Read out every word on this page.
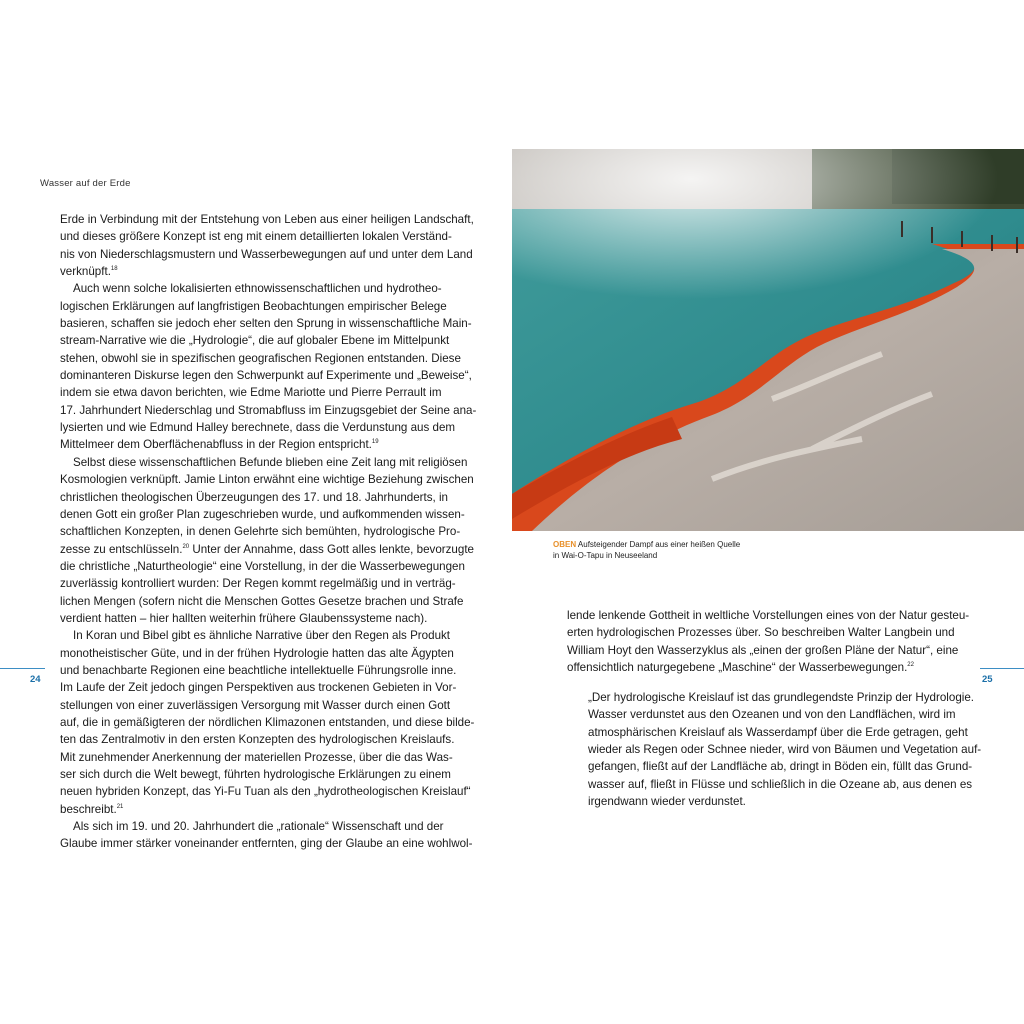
Wasser auf der Erde
24	25

Erde in Verbindung mit der Entstehung von Leben aus einer heiligen Landschaft,

und dieses größere Konzept ist eng mit einem detaillierten lokalen Verständ-

nis von Niederschlagsmustern und Wasserbewegungen auf und unter dem Land

verknüpft.$^{18}$

Auch wenn solche lokalisierten ethnowissenschaftlichen und hydrotheo-

logischen Erklärungen auf langfristigen Beobachtungen empirischer Belege

basieren, schaffen sie jedoch eher selten den Sprung in wissenschaftliche Main-

stream-Narrative wie die „Hydrologie“, die auf globaler Ebene im Mittelpunkt

stehen, obwohl sie in spezifischen geografischen Regionen entstanden. Diese

dominanteren Diskurse legen den Schwerpunkt auf Experimente und „Beweise“,

indem sie etwa davon berichten, wie Edme Mariotte und Pierre Perrault im

17. Jahrhundert Niederschlag und Stromabfluss im Einzugsgebiet der Seine ana-

lysierten und wie Edmund Halley berechnete, dass die Verdunstung aus dem

Mittelmeer dem Oberflächenabfluss in der Region entspricht.$^{19}$

Selbst diese wissenschaftlichen Befunde blieben eine Zeit lang mit religiösen

Kosmologien verknüpft. Jamie Linton erwähnt eine wichtige Beziehung zwischen

christlichen theologischen Überzeugungen des 17. und 18. Jahrhunderts, in

denen Gott ein großer Plan zugeschrieben wurde, und aufkommenden wissen-

schaftlichen Konzepten, in denen Gelehrte sich bemühten, hydrologische Pro-

zesse zu entschlüsseln.$^{20}$ Unter der Annahme, dass Gott alles lenkte, bevorzugte

die christliche „Naturtheologie“ eine Vorstellung, in der die Wasserbewegungen

zuverlässig kontrolliert wurden: Der Regen kommt regelmäßig und in verträg-

lichen Mengen (sofern nicht die Menschen Gottes Gesetze brachen und Strafe

verdient hatten – hier hallten weiterhin frühere Glaubenssysteme nach).

In Koran und Bibel gibt es ähnliche Narrative über den Regen als Produkt

monotheistischer Güte, und in der frühen Hydrologie hatten das alte Ägypten

und benachbarte Regionen eine beachtliche intellektuelle Führungsrolle inne.

Im Laufe der Zeit jedoch gingen Perspektiven aus trockenen Gebieten in Vor-

stellungen von einer zuverlässigen Versorgung mit Wasser durch einen Gott

auf, die in gemäßigteren der nördlichen Klimazonen entstanden, und diese bilde-

ten das Zentralmotiv in den ersten Konzepten des hydrologischen Kreislaufs.

Mit zunehmender Anerkennung der materiellen Prozesse, über die das Was-

ser sich durch die Welt bewegt, führten hydrologische Erklärungen zu einem

neuen hybriden Konzept, das Yi-Fu Tuan als den „hydrotheologischen Kreislauf“

beschreibt.$^{21}$

Als sich im 19. und 20. Jahrhundert die „rationale“ Wissenschaft und der

Glaube immer stärker voneinander entfernten, ging der Glaube an eine wohlwol-

lende lenkende Gottheit in weltliche Vorstellungen eines von der Natur gesteu-

erten hydrologischen Prozesses über. So beschreiben Walter Langbein und

William Hoyt den Wasserzyklus als „einen der großen Pläne der Natur“, eine

offensichtlich naturgegebene „Maschine“ der Wasserbewegungen.$^{22}$

„Der hydrologische Kreislauf ist das grundlegendste Prinzip der Hydrologie.

Wasser verdunstet aus den Ozeanen und von den Landflächen, wird im

atmosphärischen Kreislauf als Wasserdampf über die Erde getragen, geht

wieder als Regen oder Schnee nieder, wird von Bäumen und Vegetation auf-

gefangen, fließt auf der Landfläche ab, dringt in Böden ein, füllt das Grund-

wasser auf, fließt in Flüsse und schließlich in die Ozeane ab, aus denen es

irgendwann wieder verdunstet.

OBEN Aufsteigender Dampf aus einer heißen Quelle
in Wai-O-Tapu in Neuseeland
